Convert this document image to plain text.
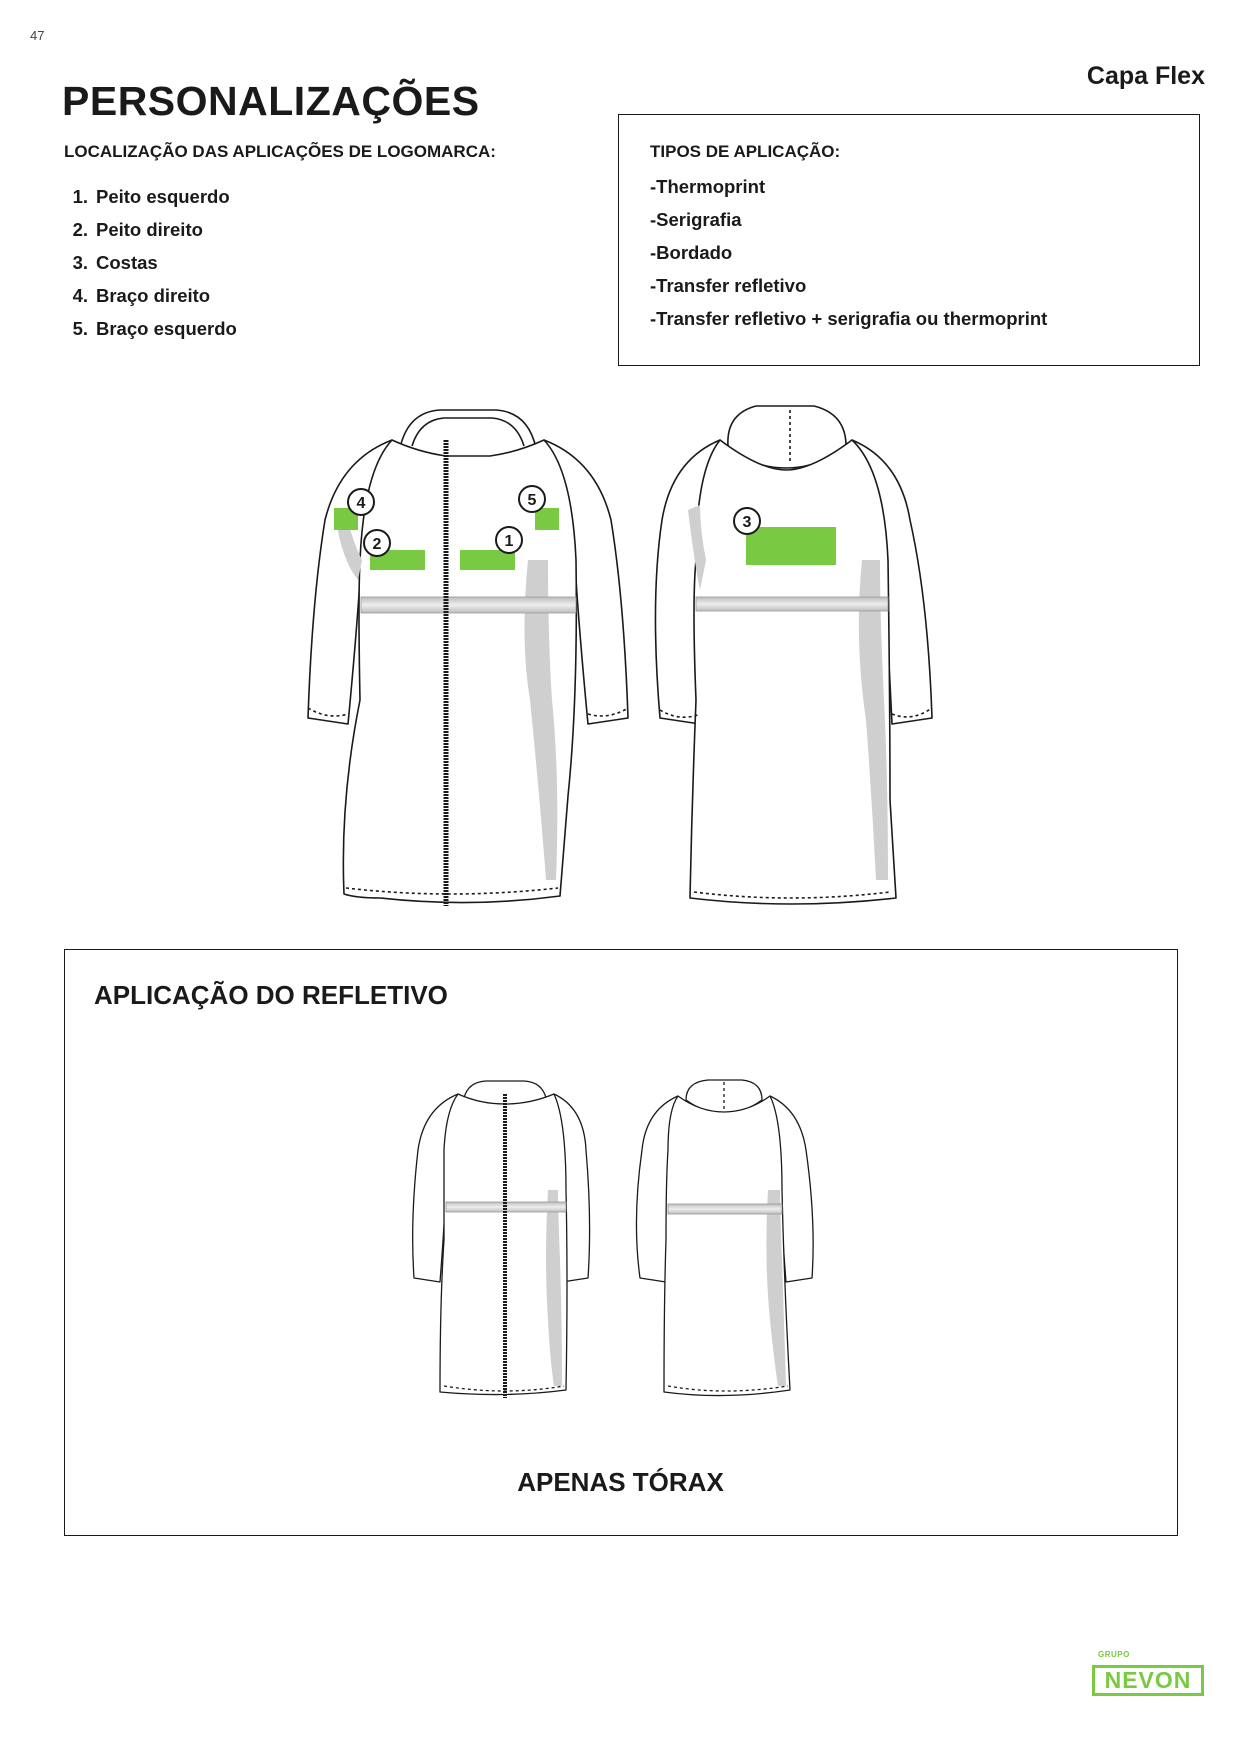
47
PERSONALIZAÇÕES
Capa Flex
LOCALIZAÇÃO DAS APLICAÇÕES DE LOGOMARCA:
1. Peito esquerdo
2. Peito direito
3. Costas
4. Braço direito
5. Braço esquerdo
TIPOS DE APLICAÇÃO:
-Thermoprint
-Serigrafia
-Bordado
-Transfer refletivo
-Transfer refletivo + serigrafia ou thermoprint
4	5
2	1
3
APLICAÇÃO DO REFLETIVO
APENAS TÓRAX
GRUPO
NEVON
